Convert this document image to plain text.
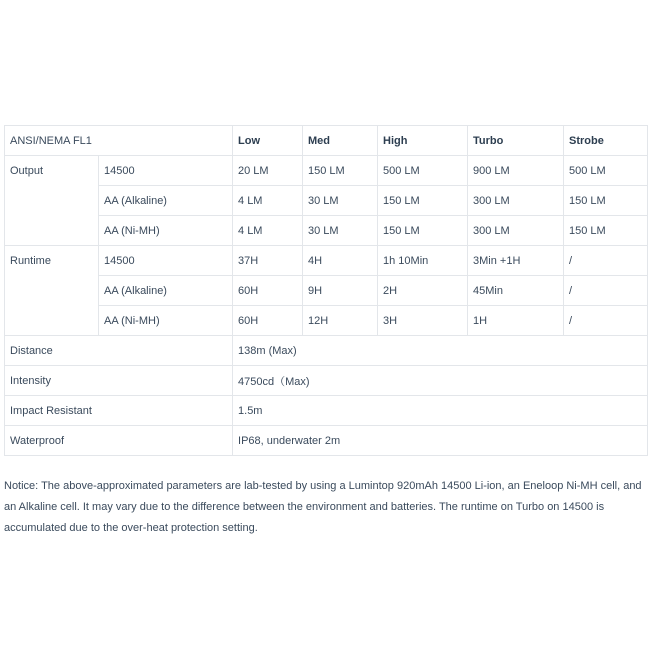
ANSI/NEMA FL1		Low	Med	High	Turbo	Strobe
Output	14500	20 LM	150 LM	500 LM	900 LM	500 LM
	AA (Alkaline)	4 LM	30 LM	150 LM	300 LM	150 LM
	AA (Ni-MH)	4 LM	30 LM	150 LM	300 LM	150 LM
Runtime	14500	37H	4H	1h 10Min	3Min +1H	/
	AA (Alkaline)	60H	9H	2H	45Min	/
	AA (Ni-MH)	60H	12H	3H	1H	/
Distance		138m (Max)				
Intensity		4750cd（Max)				
Impact Resistant		1.5m				
Waterproof		IP68, underwater 2m				

Notice: The above-approximated parameters are lab-tested by using a Lumintop 920mAh 14500 Li-ion, an Eneloop Ni-MH cell, and an Alkaline cell. It may vary due to the difference between the environment and batteries. The runtime on Turbo on 14500 is accumulated due to the over-heat protection setting.
